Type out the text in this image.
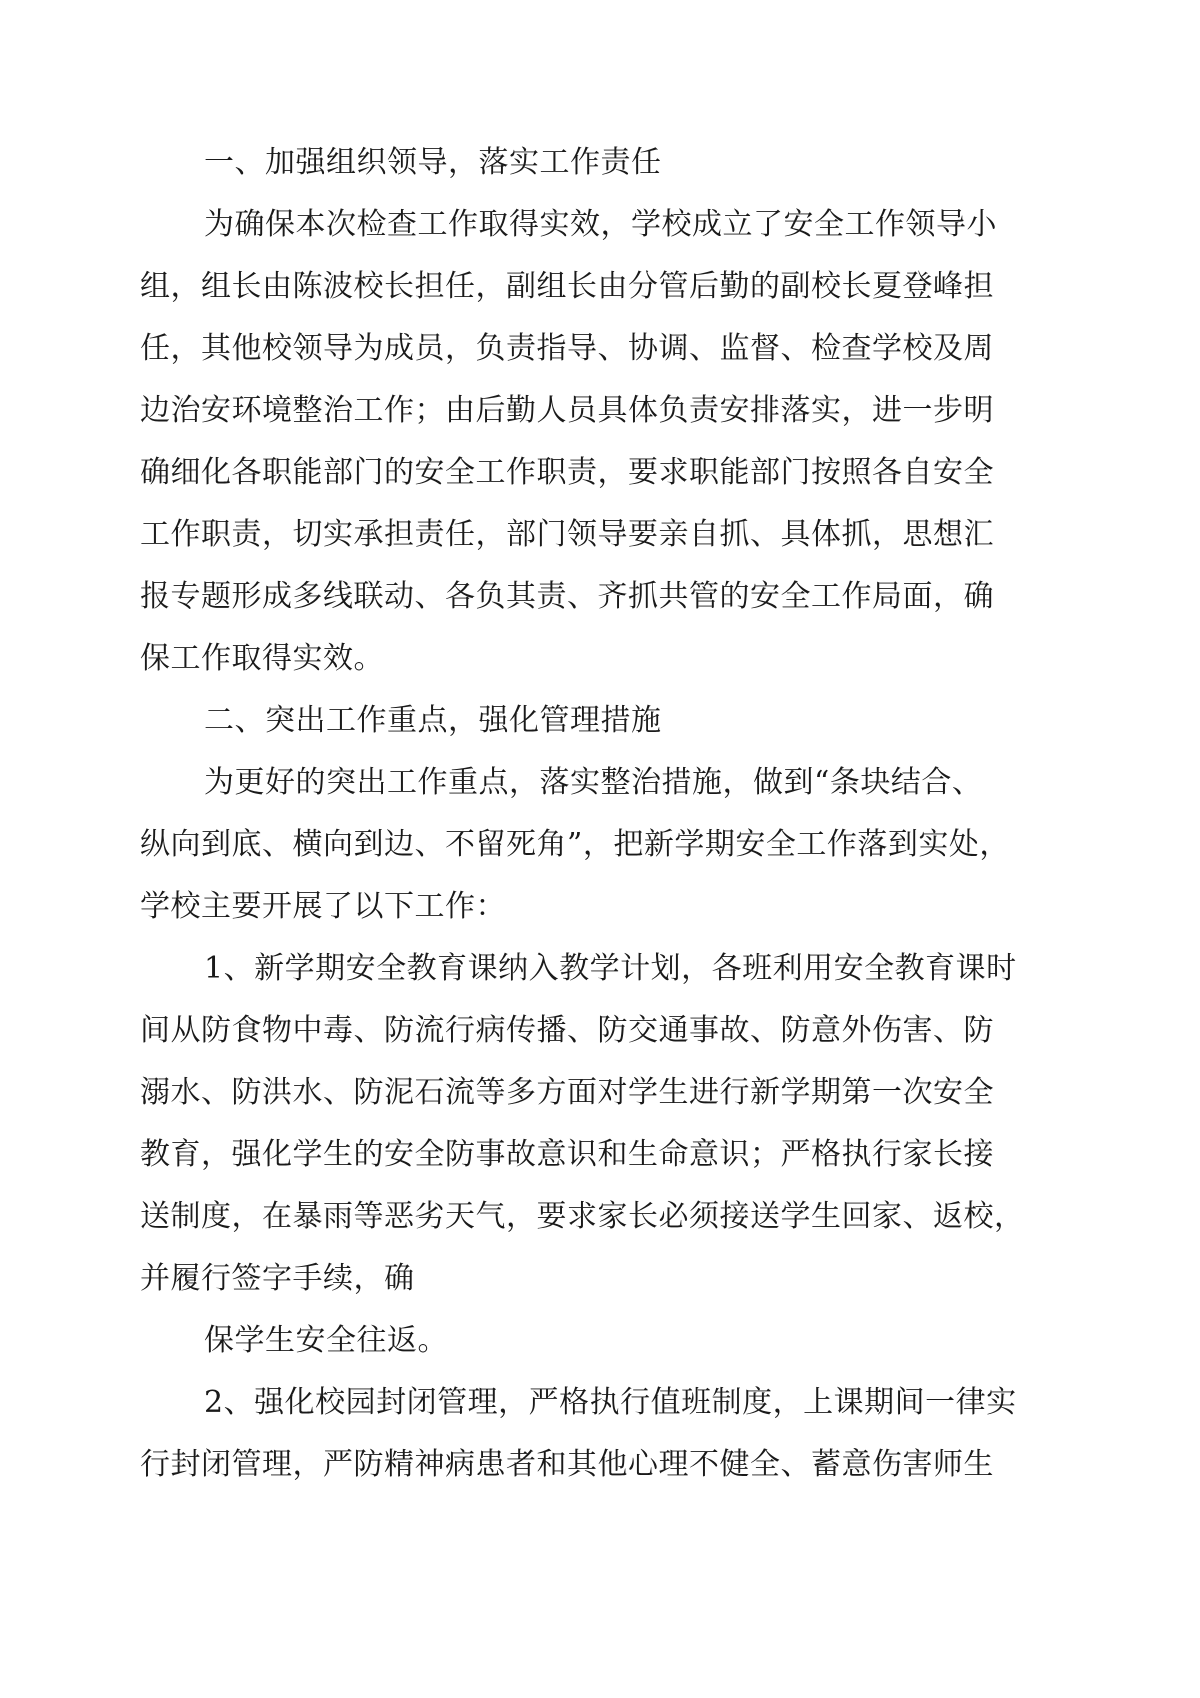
一、加强组织领导，落实工作责任
为确保本次检查工作取得实效，学校成立了安全工作领导小
组，组长由陈波校长担任，副组长由分管后勤的副校长夏登峰担
任，其他校领导为成员，负责指导、协调、监督、检查学校及周
边治安环境整治工作；由后勤人员具体负责安排落实，进一步明
确细化各职能部门的安全工作职责，要求职能部门按照各自安全
工作职责，切实承担责任，部门领导要亲自抓、具体抓，思想汇
报专题形成多线联动、各负其责、齐抓共管的安全工作局面，确
保工作取得实效。
二、突出工作重点，强化管理措施
为更好的突出工作重点，落实整治措施，做到“条块结合、
纵向到底、横向到边、不留死角”，把新学期安全工作落到实处，
学校主要开展了以下工作：
1、新学期安全教育课纳入教学计划，各班利用安全教育课时
间从防食物中毒、防流行病传播、防交通事故、防意外伤害、防
溺水、防洪水、防泥石流等多方面对学生进行新学期第一次安全
教育，强化学生的安全防事故意识和生命意识；严格执行家长接
送制度，在暴雨等恶劣天气，要求家长必须接送学生回家、返校，
并履行签字手续，确
保学生安全往返。
2、强化校园封闭管理，严格执行值班制度，上课期间一律实
行封闭管理，严防精神病患者和其他心理不健全、蓄意伤害师生
